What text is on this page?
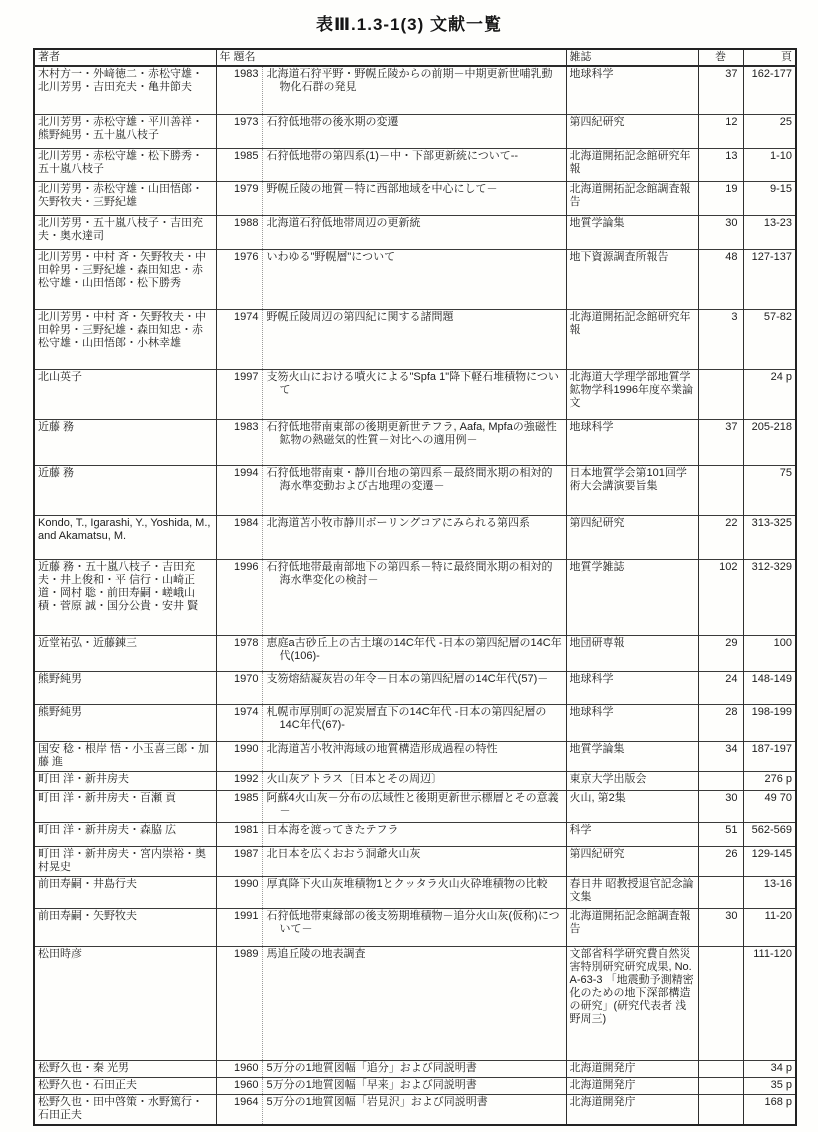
表Ⅲ.1.3-1(3) 文献一覧
著者	年 題名		雑誌	巻	頁
木村方一・外﨑徳二・赤松守雄・北川芳男・吉田充夫・亀井節夫	1983	北海道石狩平野・野幌丘陵からの前期－中期更新世哺乳動物化石群の発見	地球科学	37	162-177
北川芳男・赤松守雄・平川善祥・熊野純男・五十嵐八枝子	1973	石狩低地帯の後氷期の変遷	第四紀研究	12	25
北川芳男・赤松守雄・松下勝秀・五十嵐八枝子	1985	石狩低地帯の第四系(1)－中・下部更新統について--	北海道開拓記念館研究年報	13	1-10
北川芳男・赤松守雄・山田悟郎・矢野牧夫・三野紀雄	1979	野幌丘陵の地質－特に西部地域を中心にして－	北海道開拓記念館調査報告	19	9-15
北川芳男・五十嵐八枝子・吉田充夫・奥水達司	1988	北海道石狩低地帯周辺の更新統	地質学論集	30	13-23
北川芳男・中村 斉・矢野牧夫・中田幹男・三野紀雄・森田知忠・赤松守雄・山田悟郎・松下勝秀	1976	いわゆる"野幌層"について	地下資源調査所報告	48	127-137
北川芳男・中村 斉・矢野牧夫・中田幹男・三野紀雄・森田知忠・赤松守雄・山田悟郎・小林幸雄	1974	野幌丘陵周辺の第四紀に関する諸問題	北海道開拓記念館研究年報	3	57-82
北山英子	1997	支笏火山における噴火による"Spfa 1"降下軽石堆積物について	北海道大学理学部地質学鉱物学科1996年度卒業論文		24 p
近藤 務	1983	石狩低地帯南東部の後期更新世テフラ, Aafa, Mpfaの強磁性鉱物の熱磁気的性質－対比への適用例－	地球科学	37	205-218
近藤 務	1994	石狩低地帯南東・静川台地の第四系－最終間氷期の相対的海水準変動および古地理の変遷－	日本地質学会第101回学術大会講演要旨集		75
Kondo, T., Igarashi, Y., Yoshida, M., and Akamatsu, M.	1984	北海道苫小牧市静川ボーリングコアにみられる第四系	第四紀研究	22	313-325
近藤 務・五十嵐八枝子・吉田充夫・井上俊和・平 信行・山崎正道・岡村 聡・前田寿嗣・嵯峨山積・菅原 誠・国分公貴・安井 賢	1996	石狩低地帯最南部地下の第四系－特に最終間氷期の相対的海水準変化の検討－	地質学雑誌	102	312-329
近堂祐弘・近藤錬三	1978	恵庭a古砂丘上の古土壌の14C年代 -日本の第四紀層の14C年代(106)-	地団研専報	29	100
熊野純男	1970	支笏熔結凝灰岩の年令－日本の第四紀層の14C年代(57)－	地球科学	24	148-149
熊野純男	1974	札幌市厚別町の泥炭層直下の14C年代 -日本の第四紀層の14C年代(67)-	地球科学	28	198-199
国安 稔・根岸 悟・小玉喜三郎・加藤 進	1990	北海道苫小牧沖海域の地質構造形成過程の特性	地質学論集	34	187-197
町田 洋・新井房夫	1992	火山灰アトラス〔日本とその周辺〕	東京大学出版会		276 p
町田 洋・新井房夫・百瀬 貢	1985	阿蘇4火山灰－分布の広域性と後期更新世示標層とその意義－	火山, 第2集	30	49 70
町田 洋・新井房夫・森脇 広	1981	日本海を渡ってきたテフラ	科学	51	562-569
町田 洋・新井房夫・宮内崇裕・奥村晃史	1987	北日本を広くおおう洞爺火山灰	第四紀研究	26	129-145
前田寿嗣・井島行夫	1990	厚真降下火山灰堆積物1とクッタラ火山火砕堆積物の比較	春日井 昭教授退官記念論文集		13-16
前田寿嗣・矢野牧夫	1991	石狩低地帯東縁部の後支笏期堆積物－追分火山灰(仮称)について－	北海道開拓記念館調査報告	30	11-20
松田時彦	1989	馬追丘陵の地表調査	文部省科学研究費自然災害特別研究研究成果, No. A-63-3 「地震動予測精密化のための地下深部構造の研究」(研究代表者 浅野周三)		111-120
松野久也・秦 光男	1960	5万分の1地質図幅「追分」および同説明書	北海道開発庁		34 p
松野久也・石田正夫	1960	5万分の1地質図幅「早来」および同説明書	北海道開発庁		35 p
松野久也・田中啓策・水野篤行・石田正夫	1964	5万分の1地質図幅「岩見沢」および同説明書	北海道開発庁		168 p
